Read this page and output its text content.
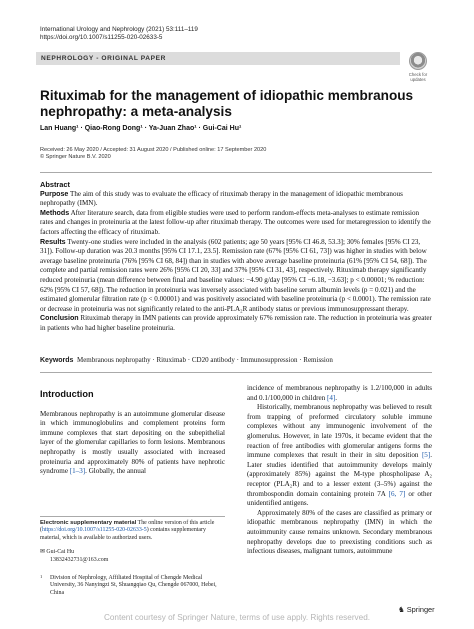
International Urology and Nephrology (2021) 53:111–119
https://doi.org/10.1007/s11255-020-02633-5
NEPHROLOGY - ORIGINAL PAPER
Check for
updates
Rituximab for the management of idiopathic membranous
nephropathy: a meta-analysis
Lan Huang¹ · Qiao-Rong Dong¹ · Ya-Juan Zhao¹ · Gui-Cai Hu¹
Received: 26 May 2020 / Accepted: 31 August 2020 / Published online: 17 September 2020
© Springer Nature B.V. 2020
Abstract

Purpose The aim of this study was to evaluate the efficacy of rituximab therapy in the management of idiopathic membranous nephropathy (IMN).

Methods After literature search, data from eligible studies were used to perform random-effects meta-analyses to estimate remission rates and changes in proteinuria at the latest follow-up after rituximab therapy. The outcomes were used for metaregression to identify the factors affecting the efficacy of rituximab.

Results Twenty-one studies were included in the analysis (602 patients; age 50 years [95% CI 46.8, 53.3]; 30% females [95% CI 23, 31]). Follow-up duration was 20.3 months [95% CI 17.1, 23.5]. Remission rate (67% [95% CI 61, 73]) was higher in studies with below average baseline proteinuria (76% [95% CI 68, 84]) than in studies with above average baseline proteinuria (61% [95% CI 54, 68]). The complete and partial remission rates were 26% [95% CI 20, 33] and 37% [95% CI 31, 43], respectively. Rituximab therapy significantly reduced proteinuria (mean difference between final and baseline values: −4.90 g/day [95% CI −6.18, −3.63]; p < 0.00001; % reduction: 62% [95% CI 57, 68]). The reduction in proteinuria was inversely associated with baseline serum albumin levels (p = 0.021) and the estimated glomerular filtration rate (p < 0.00001) and was positively associated with baseline proteinuria (p < 0.0001). The remission rate or decrease in proteinuria was not significantly related to the anti-PLA₂R antibody status or previous immunosuppressant therapy.

Conclusion Rituximab therapy in IMN patients can provide approximately 67% remission rate. The reduction in proteinuria was greater in patients who had higher baseline proteinuria.

Keywords Membranous nephropathy · Rituximab · CD20 antibody · Immunosuppression · Remission
Introduction

Membranous nephropathy is an autoimmune glomerular disease in which immunoglobulins and complement proteins form immune complexes that start depositing on the subepithelial layer of the glomerular capillaries to form lesions. Membranous nephropathy is mostly usually associated with increased proteinuria and approximately 80% of patients have nephrotic syndrome [1–3]. Globally, the annual

Electronic supplementary material The online version of this article (https://doi.org/10.1007/s11255-020-02633-5) contains supplementary material, which is available to authorized users.
✉ Gui-Cai Hu
13832432731@163.com
1 Division of Nephrology, Affiliated Hospital of Chengde Medical University, 36 Nanyingzi St, Shuangqiao Qu, Chengde 067000, Hebei, China

incidence of membranous nephropathy is 1.2/100,000 in adults and 0.1/100,000 in children [4].

Historically, membranous nephropathy was believed to result from trapping of preformed circulatory soluble immune complexes without any immunogenic involvement of the glomerulus. However, in late 1970s, it became evident that the reaction of free antibodies with glomerular antigens forms the immune complexes that result in their in situ deposition [5]. Later studies identified that autoimmunity develops mainly (approximately 85%) against the M-type phospholipase A₂ receptor (PLA₂R) and to a lesser extent (3–5%) against the thrombospondin domain containing protein 7A [6, 7] or other unidentified antigens.

Approximately 80% of the cases are classified as primary or idiopathic membranous nephropathy (IMN) in which the autoimmunity cause remains unknown. Secondary membranous nephropathy develops due to preexisting conditions such as infectious diseases, malignant tumors, autoimmune

♞ Springer
Content courtesy of Springer Nature, terms of use apply. Rights reserved.
